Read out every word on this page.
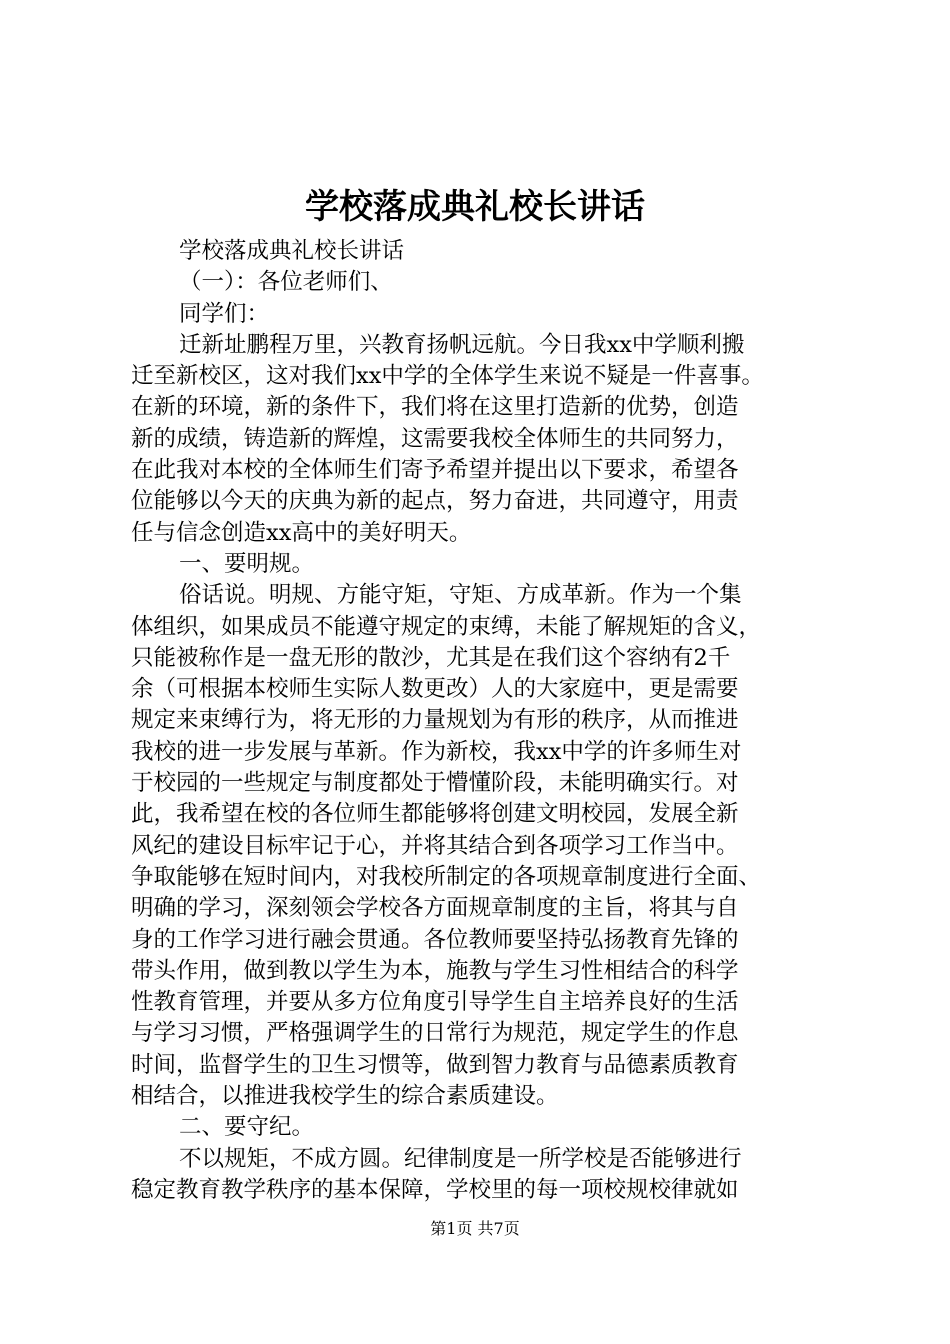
学校落成典礼校长讲话
学校落成典礼校长讲话
（一）：各位老师们、
同学们：
迁新址鹏程万里，兴教育扬帆远航。今日我xx中学顺利搬
迁至新校区，这对我们xx中学的全体学生来说不疑是一件喜事。
在新的环境，新的条件下，我们将在这里打造新的优势，创造
新的成绩，铸造新的辉煌，这需要我校全体师生的共同努力，
在此我对本校的全体师生们寄予希望并提出以下要求，希望各
位能够以今天的庆典为新的起点，努力奋进，共同遵守，用责
任与信念创造xx高中的美好明天。
一、要明规。
俗话说。明规、方能守矩，守矩、方成革新。作为一个集
体组织，如果成员不能遵守规定的束缚，未能了解规矩的含义，
只能被称作是一盘无形的散沙，尤其是在我们这个容纳有2千
余（可根据本校师生实际人数更改）人的大家庭中，更是需要
规定来束缚行为，将无形的力量规划为有形的秩序，从而推进
我校的进一步发展与革新。作为新校，我xx中学的许多师生对
于校园的一些规定与制度都处于懵懂阶段，未能明确实行。对
此，我希望在校的各位师生都能够将创建文明校园，发展全新
风纪的建设目标牢记于心，并将其结合到各项学习工作当中。
争取能够在短时间内，对我校所制定的各项规章制度进行全面、
明确的学习，深刻领会学校各方面规章制度的主旨，将其与自
身的工作学习进行融会贯通。各位教师要坚持弘扬教育先锋的
带头作用，做到教以学生为本，施教与学生习性相结合的科学
性教育管理，并要从多方位角度引导学生自主培养良好的生活
与学习习惯，严格强调学生的日常行为规范，规定学生的作息
时间，监督学生的卫生习惯等，做到智力教育与品德素质教育
相结合，以推进我校学生的综合素质建设。
二、要守纪。
不以规矩，不成方圆。纪律制度是一所学校是否能够进行
稳定教育教学秩序的基本保障，学校里的每一项校规校律就如
第1页 共7页
